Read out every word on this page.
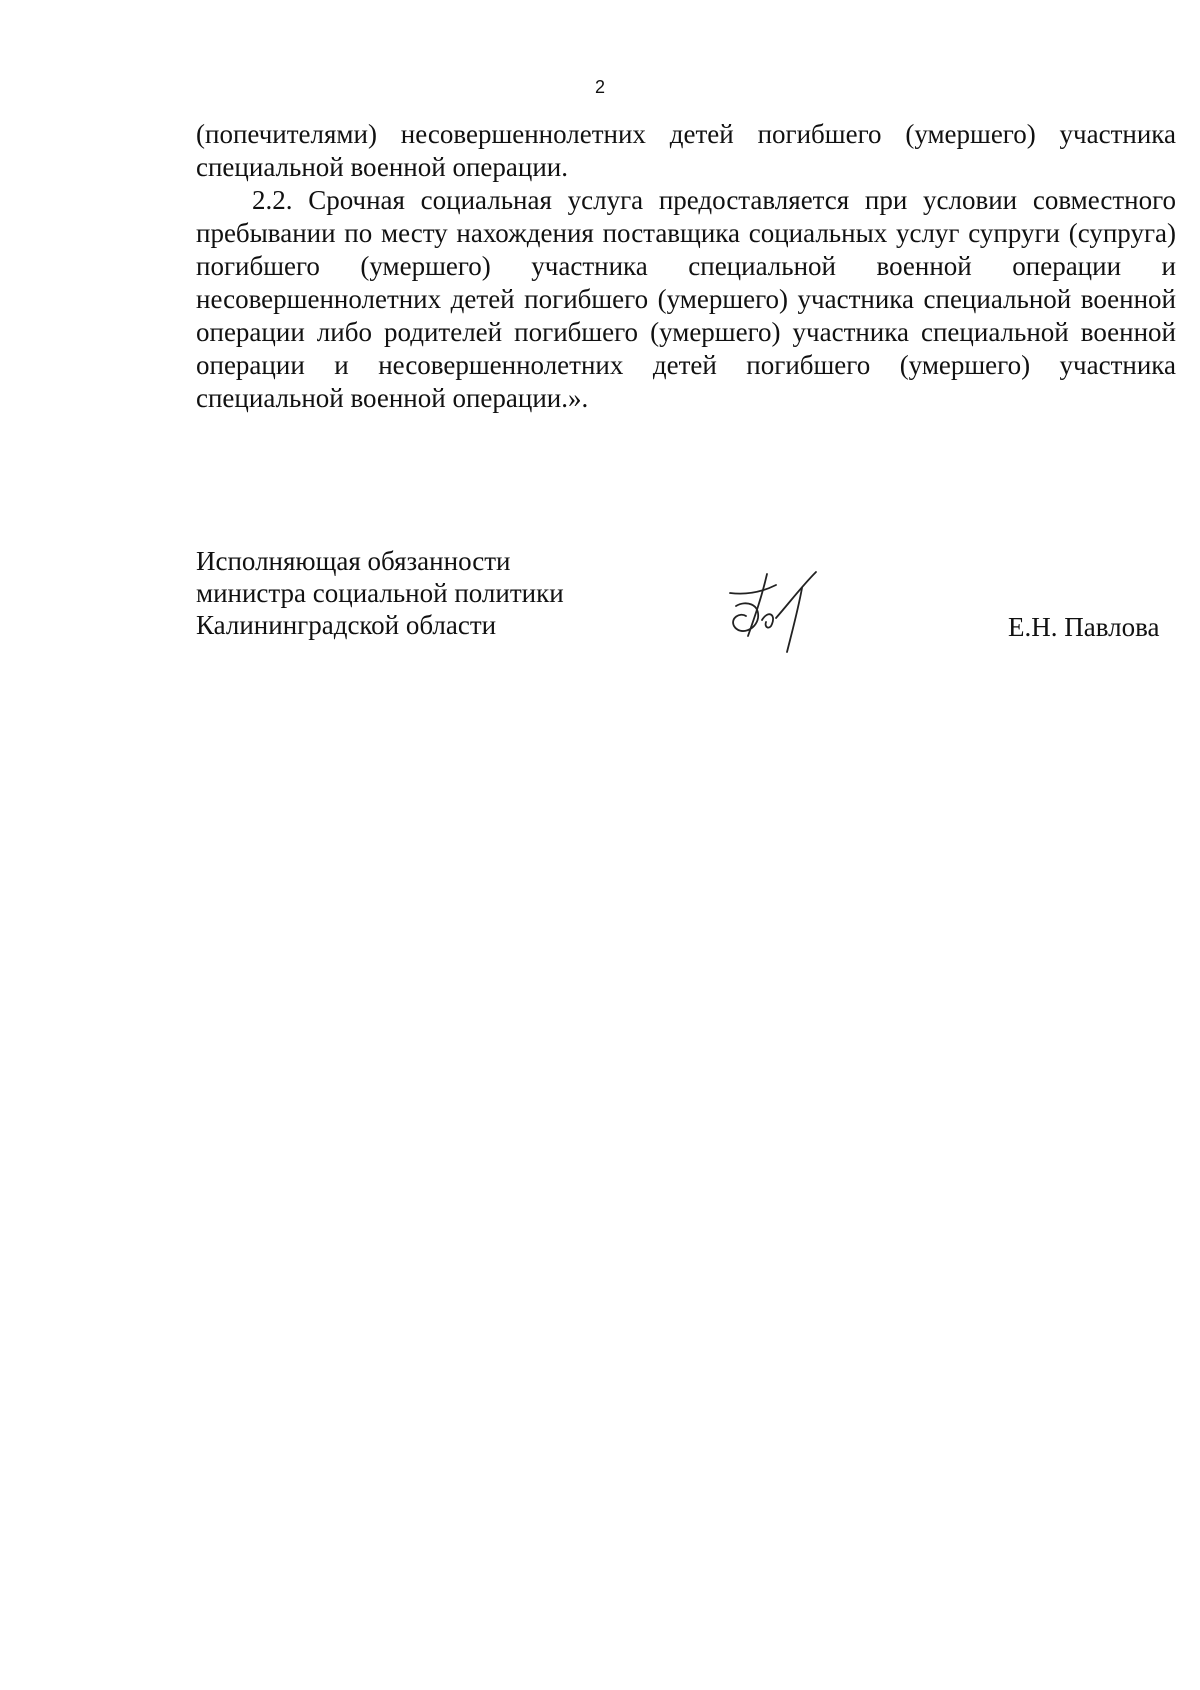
2

(попечителями) несовершеннолетних детей погибшего (умершего) участника специальной военной операции.

2.2. Срочная социальная услуга предоставляется при условии совместного пребывании по месту нахождения поставщика социальных услуг супруги (супруга) погибшего (умершего) участника специальной военной операции и несовершеннолетних детей погибшего (умершего) участника специальной военной операции либо родителей погибшего (умершего) участника специальной военной операции и несовершеннолетних детей погибшего (умершего) участника специальной военной операции.».

Исполняющая обязанности
министра социальной политики
Калининградской области	Е.Н. Павлова
